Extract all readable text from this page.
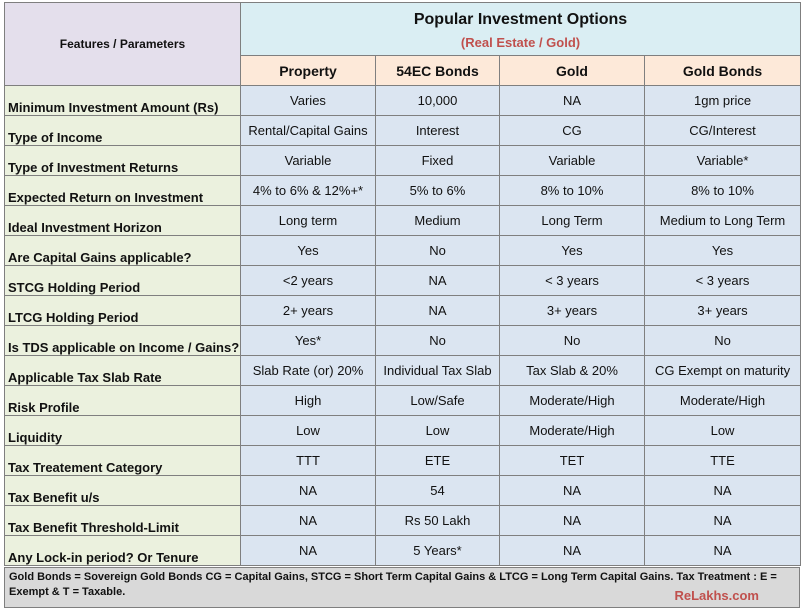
Features / Parameters	Popular Investment Options
(Real Estate / Gold)			

	Property	54EC Bonds	Gold	Gold Bonds
Minimum Investment Amount (Rs)	Varies	10,000	NA	1gm price
Type of Income	Rental/Capital Gains	Interest	CG	CG/Interest
Type of Investment Returns	Variable	Fixed	Variable	Variable*
Expected Return on Investment	4% to 6% & 12%+*	5% to 6%	8% to 10%	8% to 10%
Ideal Investment Horizon	Long term	Medium	Long Term	Medium to Long Term
Are Capital Gains applicable?	Yes	No	Yes	Yes
STCG Holding Period	<2 years	NA	< 3 years	< 3 years
LTCG Holding Period	2+ years	NA	3+ years	3+ years
Is TDS applicable on Income / Gains?	Yes*	No	No	No
Applicable Tax Slab Rate	Slab Rate (or) 20%	Individual Tax Slab	Tax Slab & 20%	CG Exempt on maturity
Risk Profile	High	Low/Safe	Moderate/High	Moderate/High
Liquidity	Low	Low	Moderate/High	Low
Tax Treatement Category	TTT	ETE	TET	TTE
Tax Benefit u/s	NA	54	NA	NA
Tax Benefit Threshold-Limit	NA	Rs 50 Lakh	NA	NA
Any Lock-in period? Or Tenure	NA	5 Years*	NA	NA
Gold Bonds = Sovereign Gold Bonds CG = Capital Gains, STCG = Short Term Capital Gains & LTCG = Long Term Capital Gains. Tax Treatment : E = Exempt & T = Taxable.	ReLakhs.com
